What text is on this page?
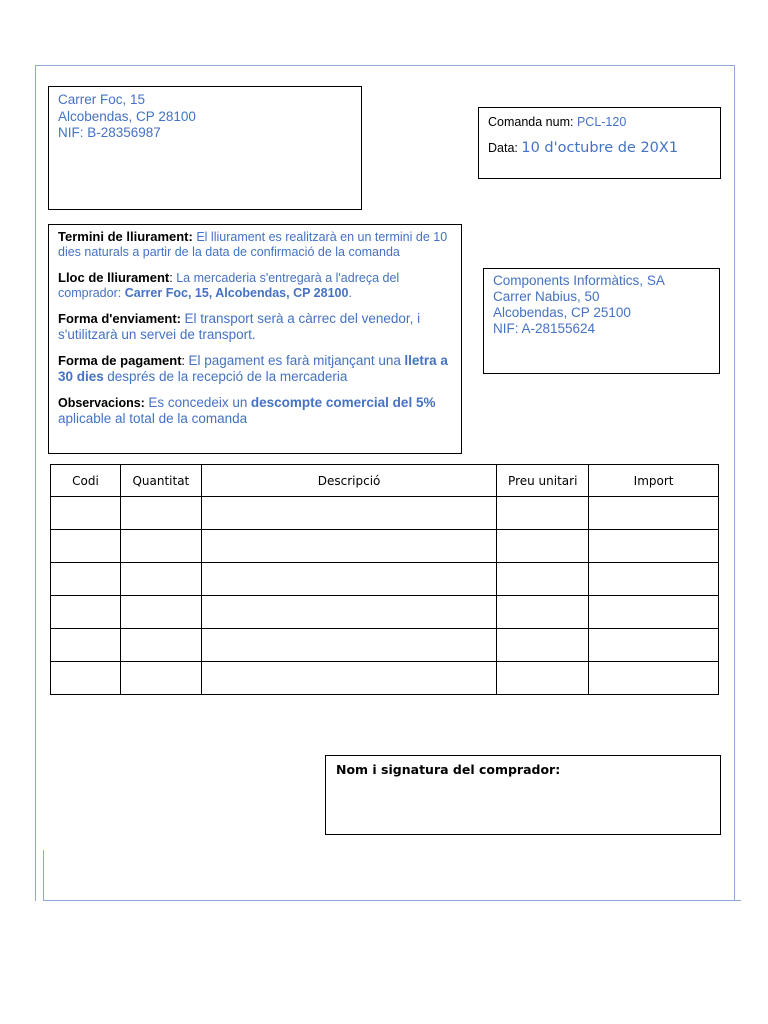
Carrer Foc, 15
Alcobendas, CP 28100
NIF: B-28356987
Comanda num: PCL-120
Data: 10 d'octubre de 20X1

Termini de lliurament: El lliurament es realitzarà en un termini de 10 dies naturals a partir de la data de confirmació de la comanda

Lloc de lliurament: La mercaderia s'entregarà a l'adreça del comprador: Carrer Foc, 15, Alcobendas, CP 28100.

Forma d'enviament: El transport serà a càrrec del venedor, i s'utilitzarà un servei de transport.

Forma de pagament: El pagament es farà mitjançant una lletra a 30 dies després de la recepció de la mercaderia

Observacions: Es concedeix un descompte comercial del 5% aplicable al total de la comanda

Components Informàtics, SA
Carrer Nabius, 50
Alcobendas, CP 25100
NIF: A-28155624
Codi	Quantitat	Descripció	Preu unitari	Import

Nom i signatura del comprador:
